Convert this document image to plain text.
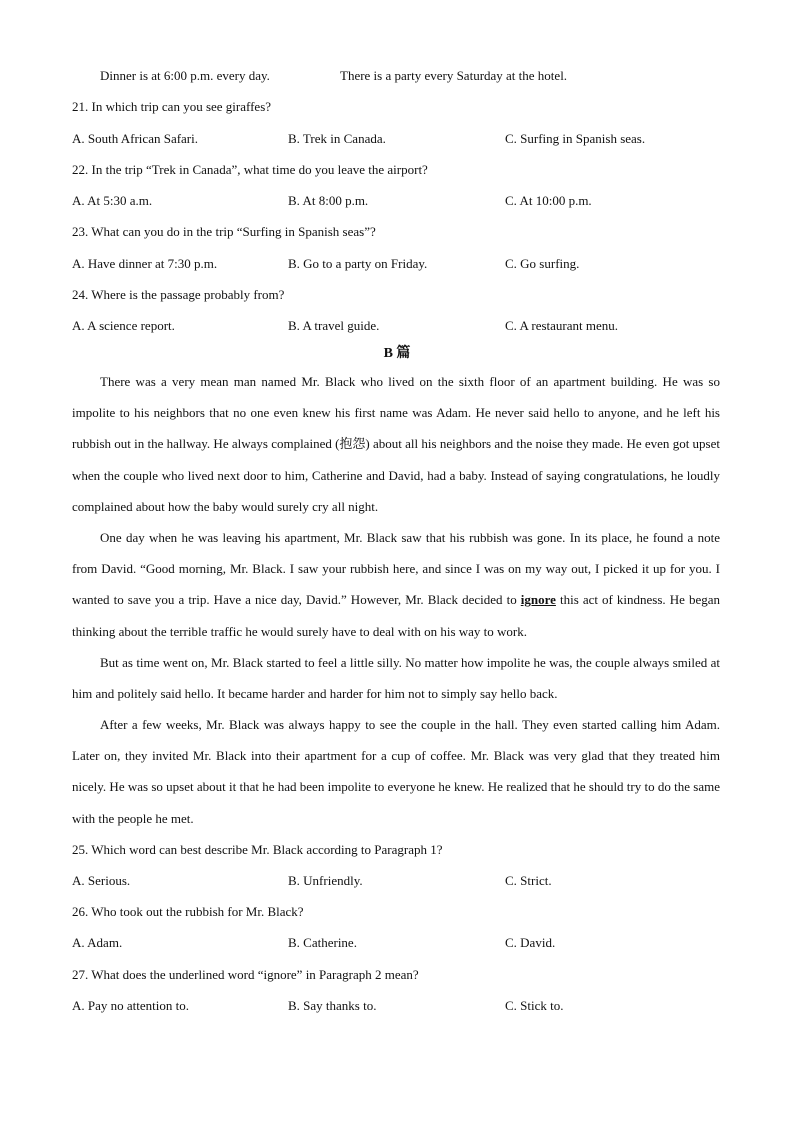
Dinner is at 6:00 p.m. every day.	There is a party every Saturday at the hotel.
21. In which trip can you see giraffes?
A. South African Safari.	B. Trek in Canada.	C. Surfing in Spanish seas.
22. In the trip “Trek in Canada”, what time do you leave the airport?
A. At 5:30 a.m.	B. At 8:00 p.m.	C. At 10:00 p.m.
23. What can you do in the trip “Surfing in Spanish seas”?
A. Have dinner at 7:30 p.m.	B. Go to a party on Friday.	C. Go surfing.
24. Where is the passage probably from?
A. A science report.	B. A travel guide.	C. A restaurant menu.
B 篇
There was a very mean man named Mr. Black who lived on the sixth floor of an apartment building. He was so impolite to his neighbors that no one even knew his first name was Adam. He never said hello to anyone, and he left his rubbish out in the hallway. He always complained (抱怨) about all his neighbors and the noise they made. He even got upset when the couple who lived next door to him, Catherine and David, had a baby. Instead of saying congratulations, he loudly complained about how the baby would surely cry all night.
One day when he was leaving his apartment, Mr. Black saw that his rubbish was gone. In its place, he found a note from David. “Good morning, Mr. Black. I saw your rubbish here, and since I was on my way out, I picked it up for you. I wanted to save you a trip. Have a nice day, David.” However, Mr. Black decided to ignore this act of kindness. He began thinking about the terrible traffic he would surely have to deal with on his way to work.
But as time went on, Mr. Black started to feel a little silly. No matter how impolite he was, the couple always smiled at him and politely said hello. It became harder and harder for him not to simply say hello back.
After a few weeks, Mr. Black was always happy to see the couple in the hall. They even started calling him Adam. Later on, they invited Mr. Black into their apartment for a cup of coffee. Mr. Black was very glad that they treated him nicely. He was so upset about it that he had been impolite to everyone he knew. He realized that he should try to do the same with the people he met.
25. Which word can best describe Mr. Black according to Paragraph 1?
A. Serious.	B. Unfriendly.	C. Strict.
26. Who took out the rubbish for Mr. Black?
A. Adam.	B. Catherine.	C. David.
27. What does the underlined word “ignore” in Paragraph 2 mean?
A. Pay no attention to.	B. Say thanks to.	C. Stick to.
